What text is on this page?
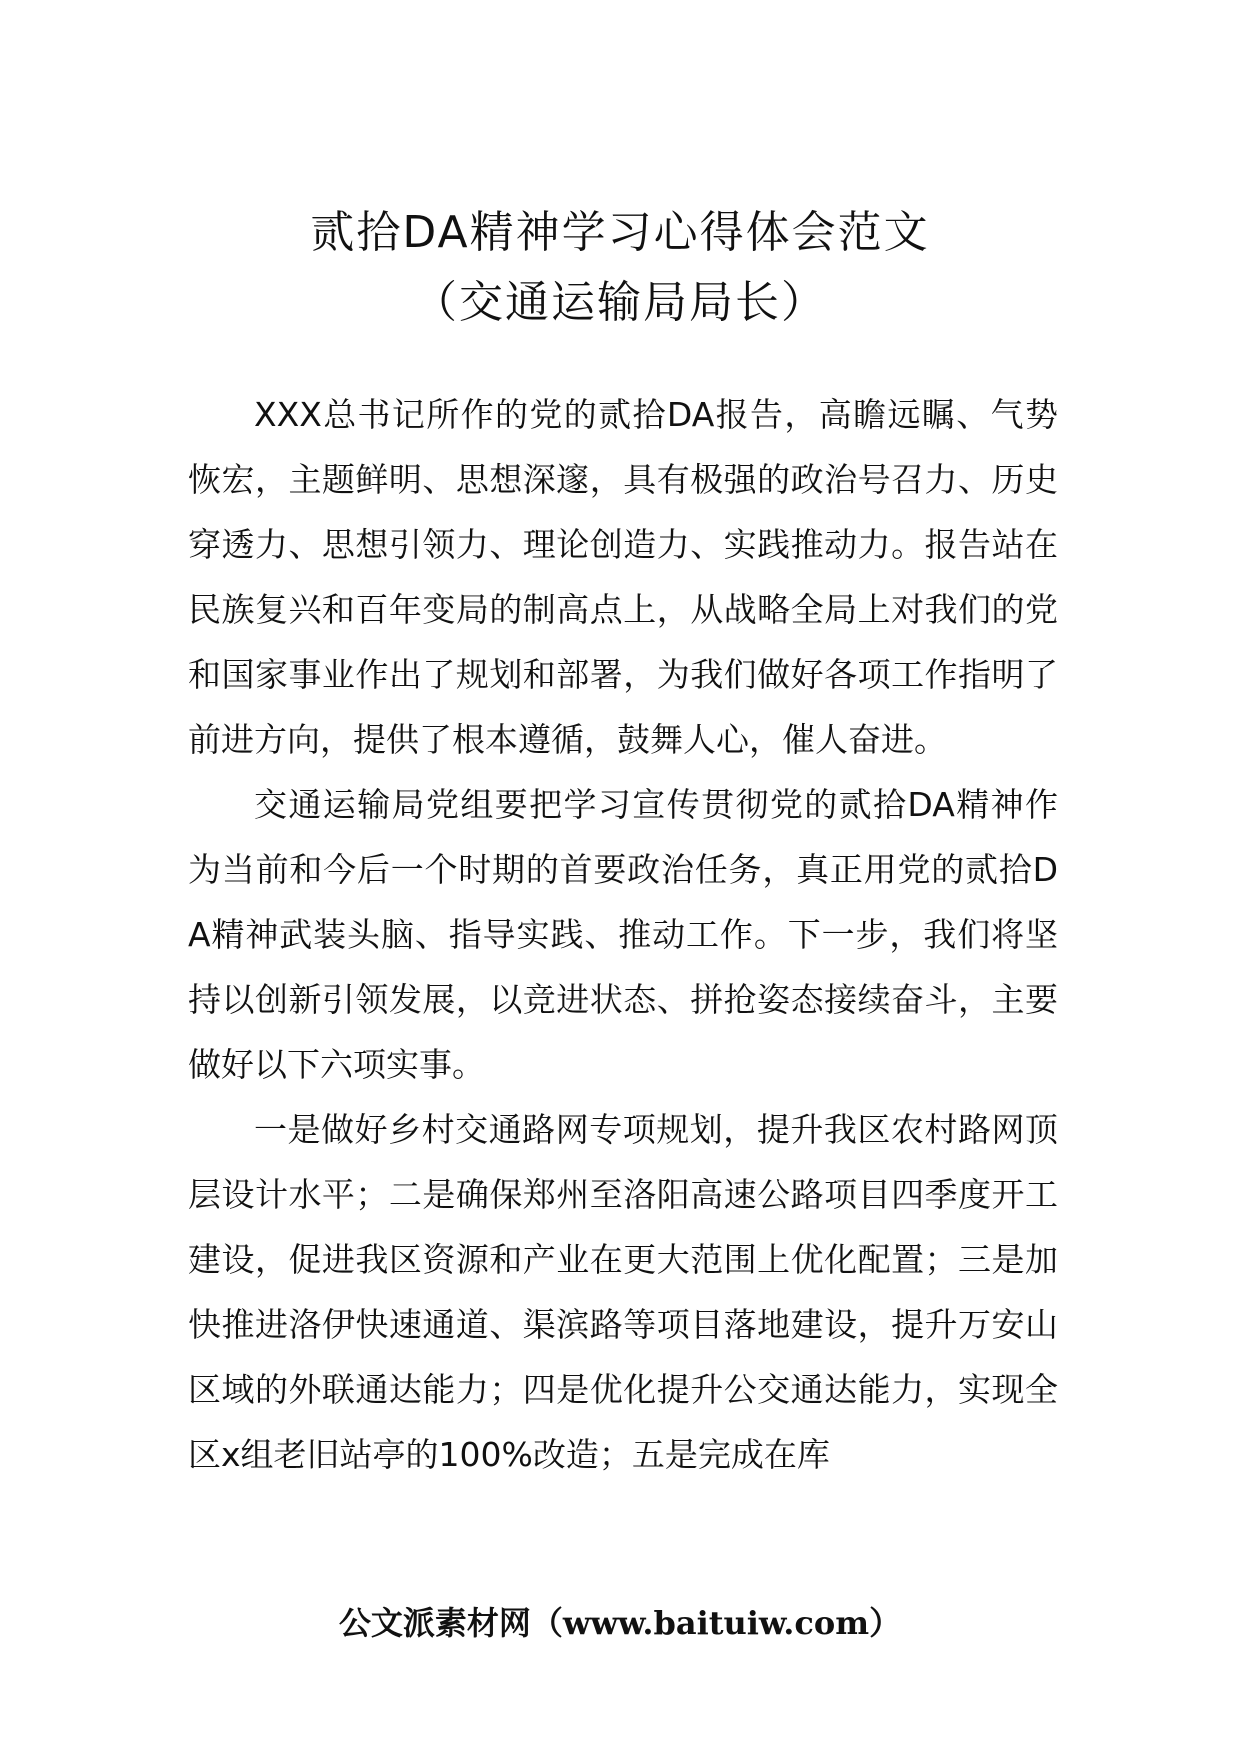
贰拾DA精神学习心得体会范文
（交通运输局局长）

XXX总书记所作的党的贰拾DA报告，高瞻远瞩、气势恢宏，主题鲜明、思想深邃，具有极强的政治号召力、历史穿透力、思想引领力、理论创造力、实践推动力。报告站在民族复兴和百年变局的制高点上，从战略全局上对我们的党和国家事业作出了规划和部署，为我们做好各项工作指明了前进方向，提供了根本遵循，鼓舞人心，催人奋进。

交通运输局党组要把学习宣传贯彻党的贰拾DA精神作为当前和今后一个时期的首要政治任务，真正用党的贰拾DA精神武装头脑、指导实践、推动工作。下一步，我们将坚持以创新引领发展，以竞进状态、拼抢姿态接续奋斗，主要做好以下六项实事。

一是做好乡村交通路网专项规划，提升我区农村路网顶层设计水平；二是确保郑州至洛阳高速公路项目四季度开工建设，促进我区资源和产业在更大范围上优化配置；三是加快推进洛伊快速通道、渠滨路等项目落地建设，提升万安山区域的外联通达能力；四是优化提升公交通达能力，实现全区x组老旧站亭的100%改造；五是完成在库

公文派素材网（www.baituiw.com）
